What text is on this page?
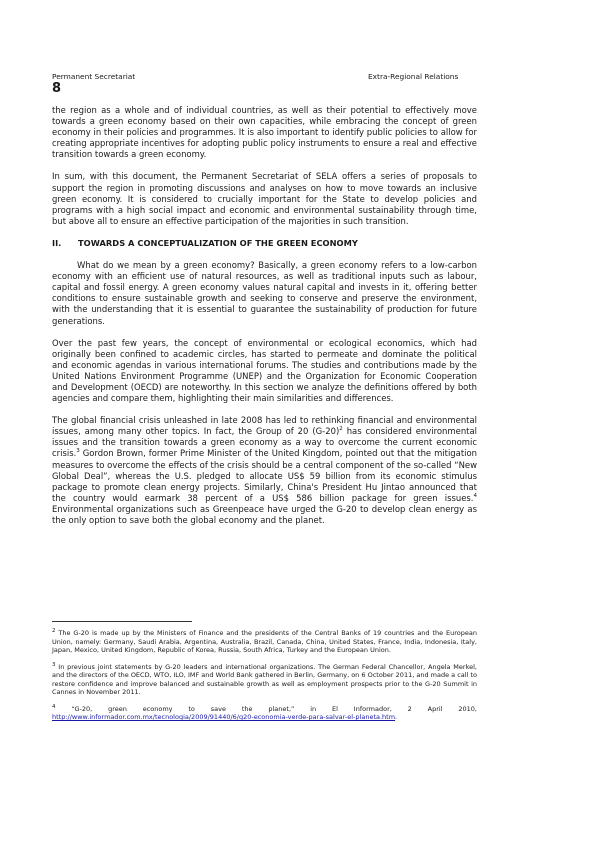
Permanent Secretariat	Extra-Regional Relations
8

the region as a whole and of individual countries, as well as their potential to effectively move towards a green economy based on their own capacities, while embracing the concept of green economy in their policies and programmes. It is also important to identify public policies to allow for creating appropriate incentives for adopting public policy instruments to ensure a real and effective transition towards a green economy.

In sum, with this document, the Permanent Secretariat of SELA offers a series of proposals to support the region in promoting discussions and analyses on how to move towards an inclusive green economy. It is considered to crucially important for the State to develop policies and programs with a high social impact and economic and environmental sustainability through time, but above all to ensure an effective participation of the majorities in such transition.

II. TOWARDS A CONCEPTUALIZATION OF THE GREEN ECONOMY

What do we mean by a green economy? Basically, a green economy refers to a low-carbon economy with an efficient use of natural resources, as well as traditional inputs such as labour, capital and fossil energy. A green economy values natural capital and invests in it, offering better conditions to ensure sustainable growth and seeking to conserve and preserve the environment, with the understanding that it is essential to guarantee the sustainability of production for future generations.

Over the past few years, the concept of environmental or ecological economics, which had originally been confined to academic circles, has started to permeate and dominate the political and economic agendas in various international forums. The studies and contributions made by the United Nations Environment Programme (UNEP) and the Organization for Economic Cooperation and Development (OECD) are noteworthy. In this section we analyze the definitions offered by both agencies and compare them, highlighting their main similarities and differences.

The global financial crisis unleashed in late 2008 has led to rethinking financial and environmental issues, among many other topics. In fact, the Group of 20 $(G-20)^2$ has considered environmental issues and the transition towards a green economy as a way to overcome the current economic crisis.$^3$ Gordon Brown, former Prime Minister of the United Kingdom, pointed out that the mitigation measures to overcome the effects of the crisis should be a central component of the so-called “New Global Deal”, whereas the U.S. pledged to allocate US$ 59 billion from its economic stimulus package to promote clean energy projects. Similarly, China's President Hu Jintao announced that the country would earmark 38 percent of a US$ 586 billion package for green issues.$^4$ Environmental organizations such as Greenpeace have urged the G-20 to develop clean energy as the only option to save both the global economy and the planet.

$^2$ The G-20 is made up by the Ministers of Finance and the presidents of the Central Banks of 19 countries and the European Union, namely: Germany, Saudi Arabia, Argentina, Australia, Brazil, Canada, China, United States, France, India, Indonesia, Italy, Japan, Mexico, United Kingdom, Republic of Korea, Russia, South Africa, Turkey and the European Union.

$^3$ In previous joint statements by G-20 leaders and international organizations. The German Federal Chancellor, Angela Merkel, and the directors of the OECD, WTO, ILO, IMF and World Bank gathered in Berlin, Germany, on 6 October 2011, and made a call to restore confidence and improve balanced and sustainable growth as well as employment prospects prior to the G-20 Summit in Cannes in November 2011.

$^4$ “G-20, green economy to save the planet,” in El Informador, 2 April 2010, http://www.informador.com.mx/tecnologia/2009/91440/6/g20-economia-verde-para-salvar-el-planeta.htm.
